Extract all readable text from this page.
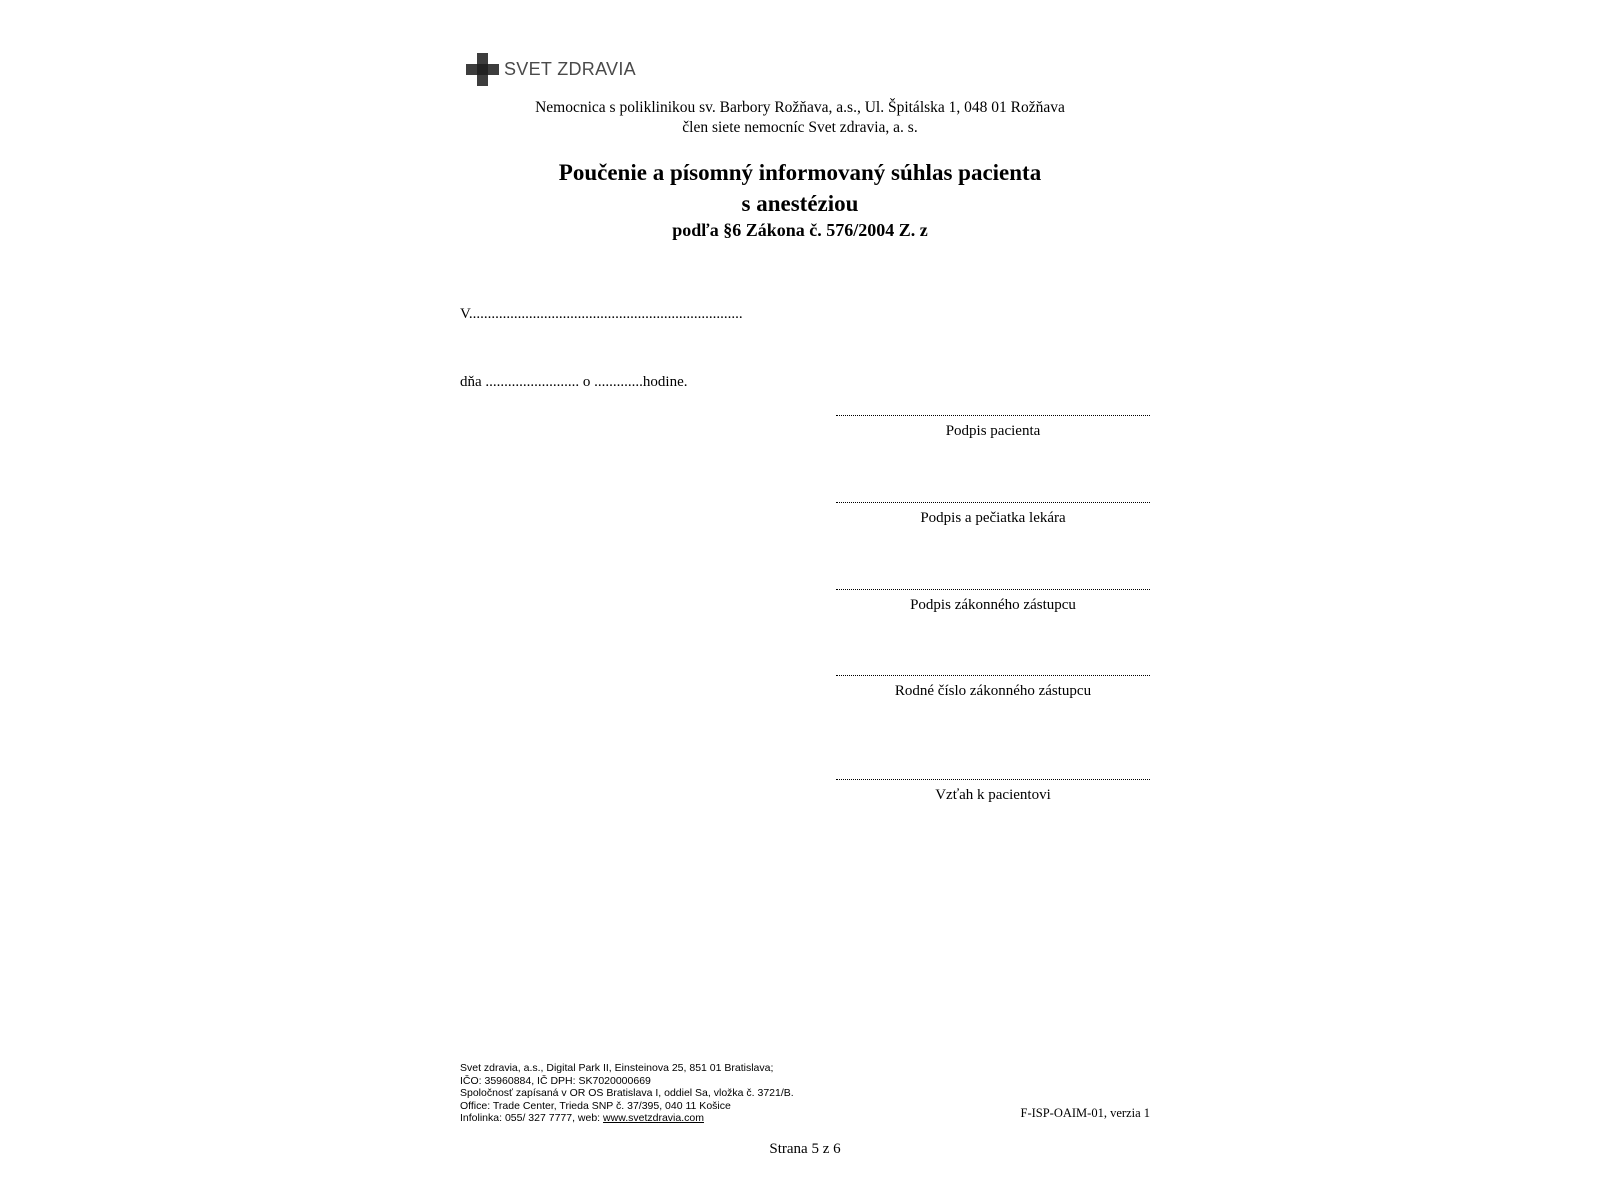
SVET ZDRAVIA
Nemocnica s poliklinikou sv. Barbory Rožňava, a.s., Ul. Špitálska 1, 048 01 Rožňava
člen siete nemocníc Svet zdravia, a. s.
Poučenie a písomný informovaný súhlas pacienta
s anestéziou
podľa §6 Zákona č. 576/2004 Z. z
V.........................................................................
dňa ......................... o .............hodine.
Podpis pacienta
Podpis a pečiatka lekára
Podpis zákonného zástupcu
Rodné číslo zákonného zástupcu
Vzťah k pacientovi
Svet zdravia, a.s., Digital Park II, Einsteinova 25, 851 01 Bratislava;
IČO: 35960884, IČ DPH: SK7020000669
Spoločnosť zapísaná v OR OS Bratislava I, oddiel Sa, vložka č. 3721/B.
Office: Trade Center, Trieda SNP č. 37/395, 040 11 Košice
Infolinka: 055/ 327 7777, web: www.svetzdravia.com	F-ISP-OAIM-01, verzia 1
Strana 5 z 6
